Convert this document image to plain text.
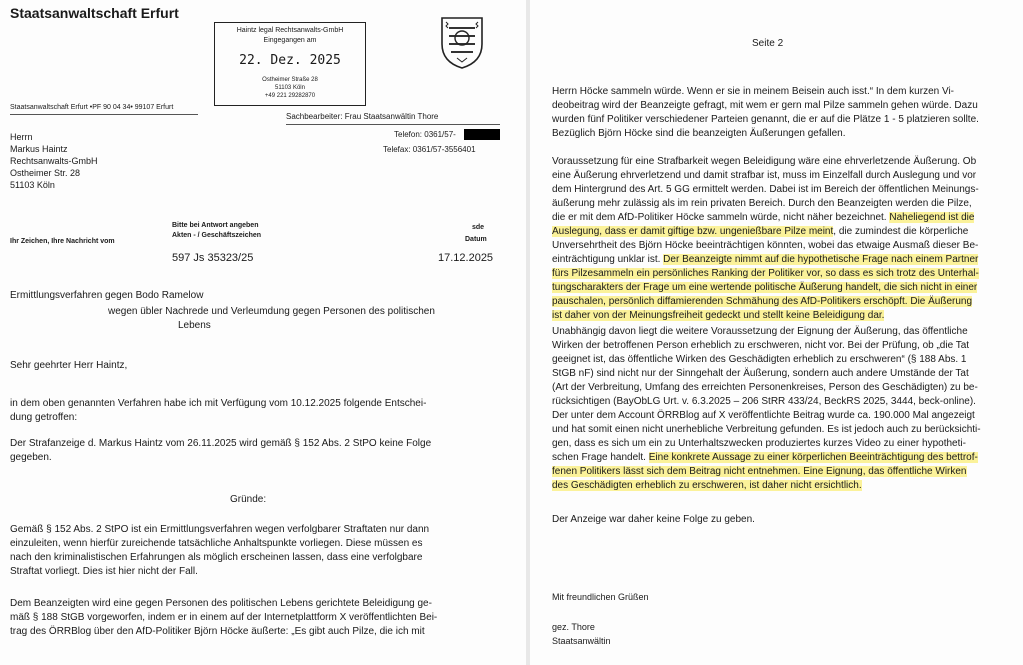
Staatsanwaltschaft Erfurt
Haintz legal Rechtsanwalts-GmbH
Eingegangen am
22. Dez. 2025
Ostheimer Straße 28
51103 Köln
+49 221 29282870
Staatsanwaltschaft Erfurt •PF 90 04 34• 99107 Erfurt
Sachbearbeiter: Frau Staatsanwältin Thore
Herrn
Markus Haintz
Rechtsanwalts-GmbH
Ostheimer Str. 28
51103 Köln
Telefon: 0361/57-
Telefax: 0361/57-3556401
Bitte bei Antwort angeben
Akten - / Geschäftszeichen
Ihr Zeichen, Ihre Nachricht vom
sde
Datum
597 Js 35323/25	17.12.2025
Ermittlungsverfahren gegen Bodo Ramelow
wegen übler Nachrede und Verleumdung gegen Personen des politischen
Lebens
Sehr geehrter Herr Haintz,
in dem oben genannten Verfahren habe ich mit Verfügung vom 10.12.2025 folgende Entschei-
dung getroffen:
Der Strafanzeige d. Markus Haintz vom 26.11.2025 wird gemäß § 152 Abs. 2 StPO keine Folge
gegeben.
Gründe:
Gemäß § 152 Abs. 2 StPO ist ein Ermittlungsverfahren wegen verfolgbarer Straftaten nur dann
einzuleiten, wenn hierfür zureichende tatsächliche Anhaltspunkte vorliegen. Diese müssen es
nach den kriminalistischen Erfahrungen als möglich erscheinen lassen, dass eine verfolgbare
Straftat vorliegt. Dies ist hier nicht der Fall.
Dem Beanzeigten wird eine gegen Personen des politischen Lebens gerichtete Beleidigung ge-
mäß § 188 StGB vorgeworfen, indem er in einem auf der Internetplattform X veröffentlichten Bei-
trag des ÖRRBlog über den AfD-Politiker Björn Höcke äußerte: „Es gibt auch Pilze, die ich mit
Seite 2
Herrn Höcke sammeln würde. Wenn er sie in meinem Beisein auch isst.“ In dem kurzen Vi-
deobeitrag wird der Beanzeigte gefragt, mit wem er gern mal Pilze sammeln gehen würde. Dazu
wurden fünf Politiker verschiedener Parteien genannt, die er auf die Plätze 1 - 5 platzieren sollte.
Bezüglich Björn Höcke sind die beanzeigten Äußerungen gefallen.
Voraussetzung für eine Strafbarkeit wegen Beleidigung wäre eine ehrverletzende Äußerung. Ob
eine Äußerung ehrverletzend und damit strafbar ist, muss im Einzelfall durch Auslegung und vor
dem Hintergrund des Art. 5 GG ermittelt werden. Dabei ist im Bereich der öffentlichen Meinungs-
äußerung mehr zulässig als im rein privaten Bereich. Durch den Beanzeigten werden die Pilze,
die er mit dem AfD-Politiker Höcke sammeln würde, nicht näher bezeichnet. Naheliegend ist die
Auslegung, dass er damit giftige bzw. ungenießbare Pilze meint, die zumindest die körperliche
Unversehrtheit des Björn Höcke beeinträchtigen könnten, wobei das etwaige Ausmaß dieser Be-
einträchtigung unklar ist. Der Beanzeigte nimmt auf die hypothetische Frage nach einem Partner
fürs Pilzesammeln ein persönliches Ranking der Politiker vor, so dass es sich trotz des Unterhal-
tungscharakters der Frage um eine wertende politische Äußerung handelt, die sich nicht in einer
pauschalen, persönlich diffamierenden Schmähung des AfD-Politikers erschöpft. Die Äußerung
ist daher von der Meinungsfreiheit gedeckt und stellt keine Beleidigung dar.
Unabhängig davon liegt die weitere Voraussetzung der Eignung der Äußerung, das öffentliche
Wirken der betroffenen Person erheblich zu erschweren, nicht vor. Bei der Prüfung, ob „die Tat
geeignet ist, das öffentliche Wirken des Geschädigten erheblich zu erschweren“ (§ 188 Abs. 1
StGB nF) sind nicht nur der Sinngehalt der Äußerung, sondern auch andere Umstände der Tat
(Art der Verbreitung, Umfang des erreichten Personenkreises, Person des Geschädigten) zu be-
rücksichtigen (BayObLG Urt. v. 6.3.2025 – 206 StRR 433/24, BeckRS 2025, 3444, beck-online).
Der unter dem Account ÖRRBlog auf X veröffentlichte Beitrag wurde ca. 190.000 Mal angezeigt
und hat somit einen nicht unerhebliche Verbreitung gefunden. Es ist jedoch auch zu berücksichti-
gen, dass es sich um ein zu Unterhaltszwecken produziertes kurzes Video zu einer hypotheti-
schen Frage handelt. Eine konkrete Aussage zu einer körperlichen Beeinträchtigung des bettrof-
fenen Politikers lässt sich dem Beitrag nicht entnehmen. Eine Eignung, das öffentliche Wirken
des Geschädigten erheblich zu erschweren, ist daher nicht ersichtlich.
Der Anzeige war daher keine Folge zu geben.
Mit freundlichen Grüßen
gez. Thore
Staatsanwältin
